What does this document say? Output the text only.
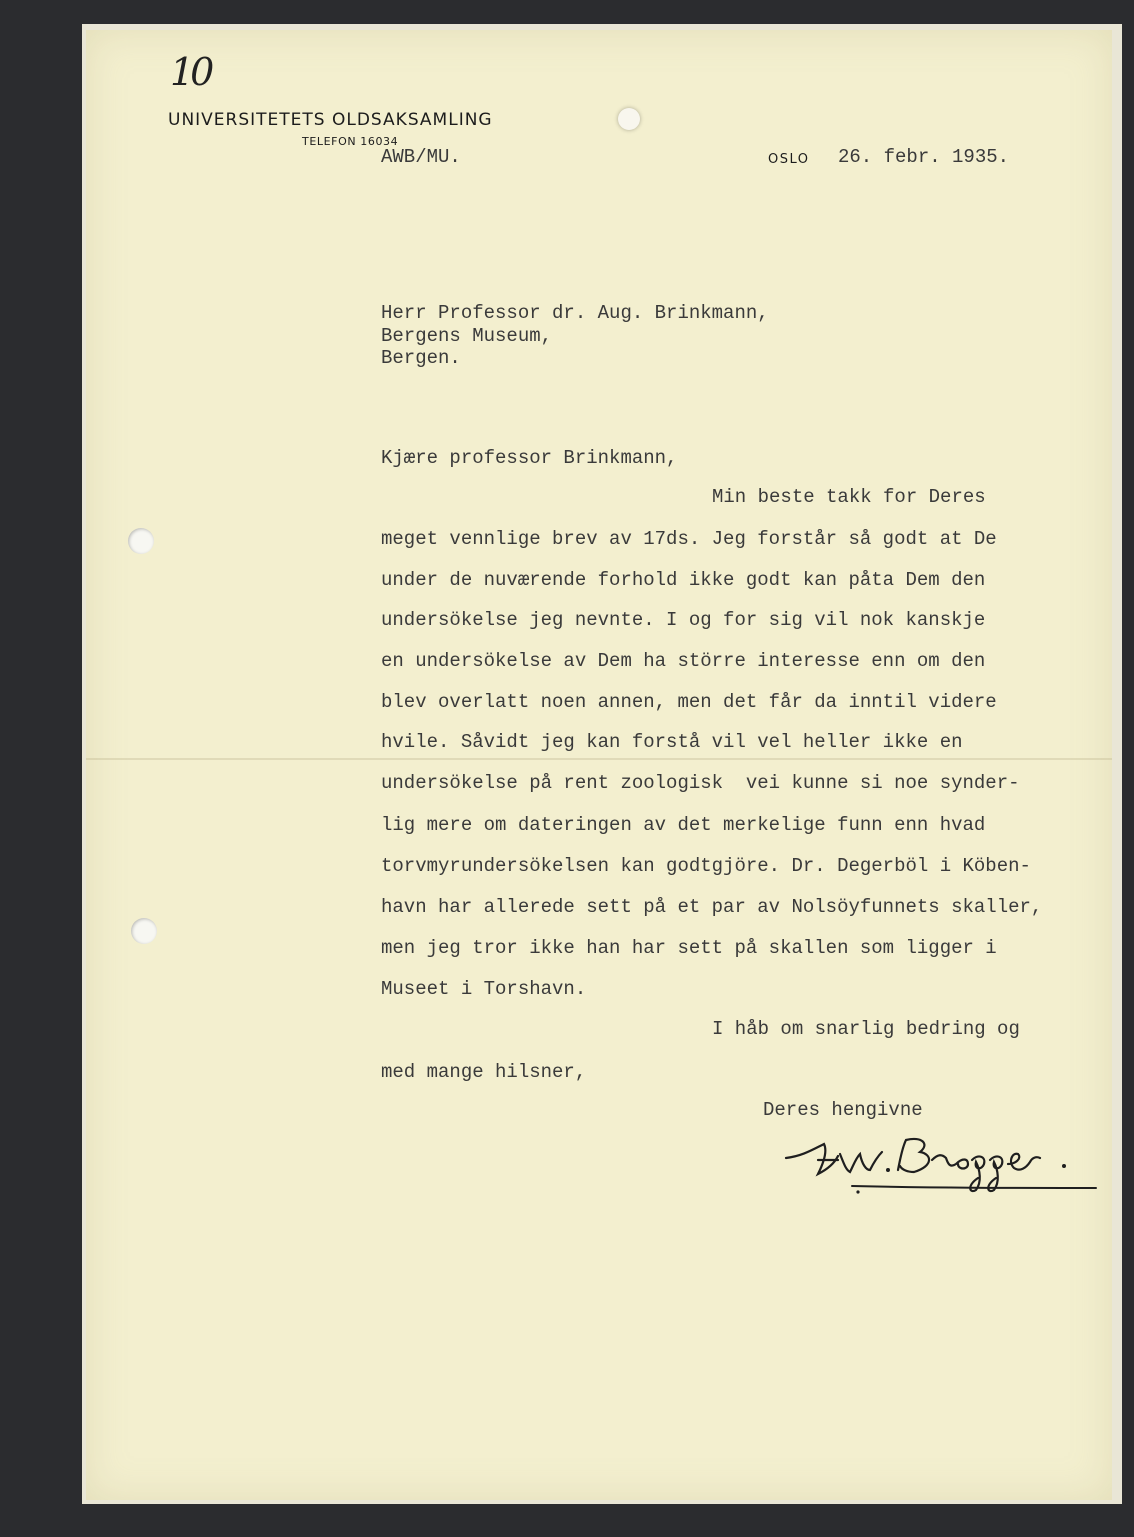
10
UNIVERSITETETS OLDSAKSAMLING
TELEFON 16034
AWB/MU.	OSLO 26. febr. 1935.
Herr Professor dr. Aug. Brinkmann,
Bergens Museum,
Bergen.
Kjære professor Brinkmann,
Min beste takk for Deres
meget vennlige brev av 17ds. Jeg forstår så godt at De
under de nuværende forhold ikke godt kan påta Dem den
undersökelse jeg nevnte. I og for sig vil nok kanskje
en undersökelse av Dem ha större interesse enn om den
blev overlatt noen annen, men det får da inntil videre
hvile. Såvidt jeg kan forstå vil vel heller ikke en
undersökelse på rent zoologisk  vei kunne si noe synder-
lig mere om dateringen av det merkelige funn enn hvad
torvmyrundersökelsen kan godtgjöre. Dr. Degerböl i Köben-
havn har allerede sett på et par av Nolsöyfunnets skaller,
men jeg tror ikke han har sett på skallen som ligger i
Museet i Torshavn.
I håb om snarlig bedring og
med mange hilsner,
Deres hengivne
